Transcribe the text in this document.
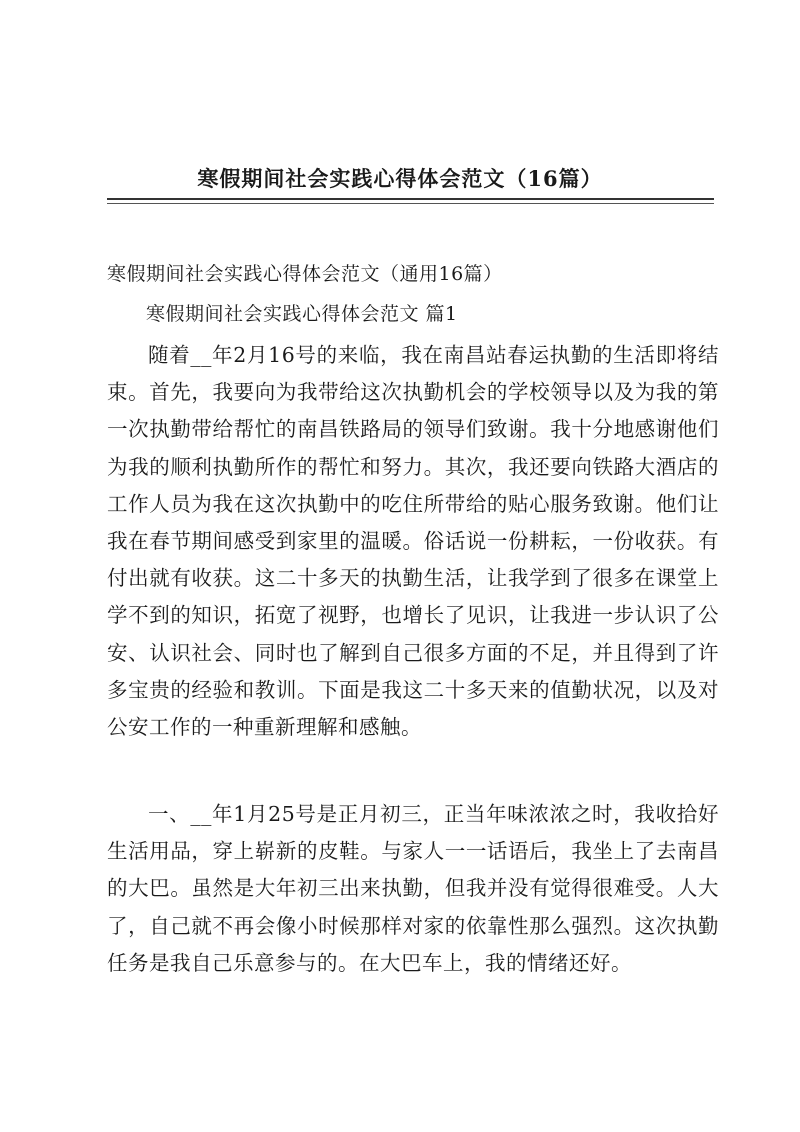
寒假期间社会实践心得体会范文（16篇）
寒假期间社会实践心得体会范文（通用16篇）
寒假期间社会实践心得体会范文 篇1

随着__年2月16号的来临，我在南昌站春运执勤的生活即将结束。首先，我要向为我带给这次执勤机会的学校领导以及为我的第一次执勤带给帮忙的南昌铁路局的领导们致谢。我十分地感谢他们为我的顺利执勤所作的帮忙和努力。其次，我还要向铁路大酒店的工作人员为我在这次执勤中的吃住所带给的贴心服务致谢。他们让我在春节期间感受到家里的温暖。俗话说一份耕耘，一份收获。有付出就有收获。这二十多天的执勤生活，让我学到了很多在课堂上学不到的知识，拓宽了视野，也增长了见识，让我进一步认识了公安、认识社会、同时也了解到自己很多方面的不足，并且得到了许多宝贵的经验和教训。下面是我这二十多天来的值勤状况，以及对公安工作的一种重新理解和感触。

一、__年1月25号是正月初三，正当年味浓浓之时，我收拾好生活用品，穿上崭新的皮鞋。与家人一一话语后，我坐上了去南昌的大巴。虽然是大年初三出来执勤，但我并没有觉得很难受。人大了，自己就不再会像小时候那样对家的依靠性那么强烈。这次执勤任务是我自己乐意参与的。在大巴车上，我的情绪还好。
